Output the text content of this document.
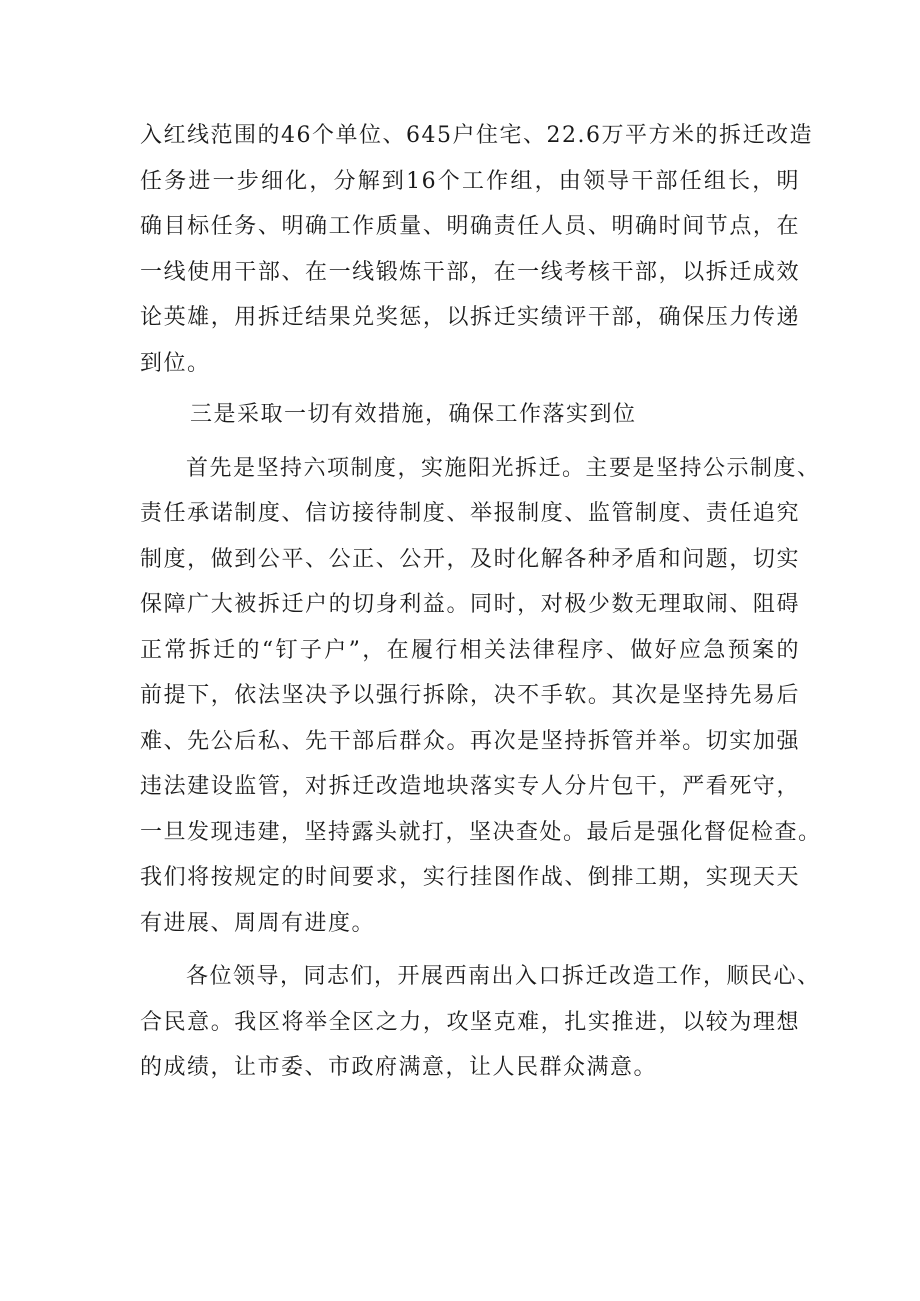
入红线范围的46个单位、645户住宅、22.6万平方米的拆迁改造
任务进一步细化，分解到16个工作组，由领导干部任组长，明
确目标任务、明确工作质量、明确责任人员、明确时间节点，在
一线使用干部、在一线锻炼干部，在一线考核干部，以拆迁成效
论英雄，用拆迁结果兑奖惩，以拆迁实绩评干部，确保压力传递
到位。
三是采取一切有效措施，确保工作落实到位
首先是坚持六项制度，实施阳光拆迁。主要是坚持公示制度、
责任承诺制度、信访接待制度、举报制度、监管制度、责任追究
制度，做到公平、公正、公开，及时化解各种矛盾和问题，切实
保障广大被拆迁户的切身利益。同时，对极少数无理取闹、阻碍
正常拆迁的“钉子户”，在履行相关法律程序、做好应急预案的
前提下，依法坚决予以强行拆除，决不手软。其次是坚持先易后
难、先公后私、先干部后群众。再次是坚持拆管并举。切实加强
违法建设监管，对拆迁改造地块落实专人分片包干，严看死守，
一旦发现违建，坚持露头就打，坚决查处。最后是强化督促检查。
我们将按规定的时间要求，实行挂图作战、倒排工期，实现天天
有进展、周周有进度。
各位领导，同志们，开展西南出入口拆迁改造工作，顺民心、
合民意。我区将举全区之力，攻坚克难，扎实推进，以较为理想
的成绩，让市委、市政府满意，让人民群众满意。
